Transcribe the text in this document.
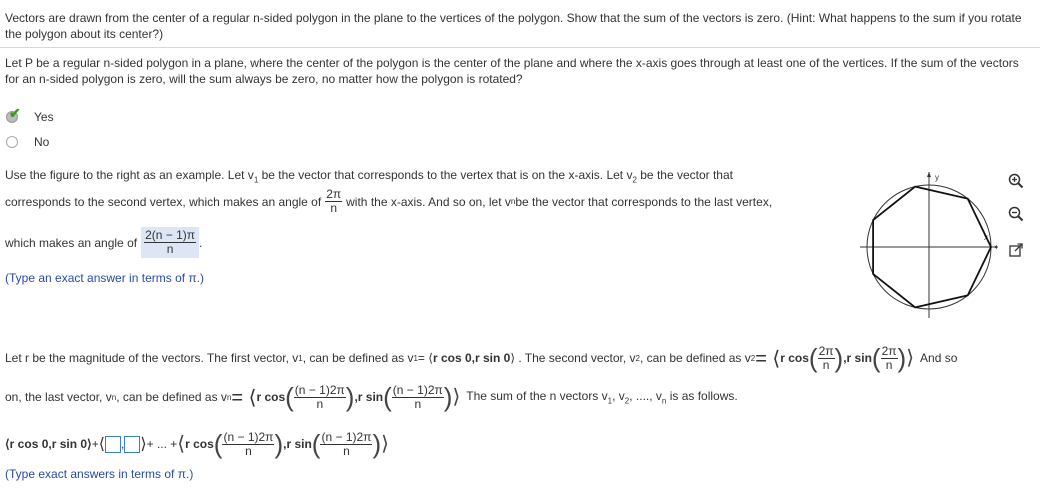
Vectors are drawn from the center of a regular n-sided polygon in the plane to the vertices of the polygon. Show that the sum of the vectors is zero. (Hint: What happens to the sum if you rotate the polygon about its center?)
Let P be a regular n-sided polygon in a plane, where the center of the polygon is the center of the plane and where the x-axis goes through at least one of the vertices. If the sum of the vectors for an n-sided polygon is zero, will the sum always be zero, no matter how the polygon is rotated?
✔ Yes
No
Use the figure to the right as an example. Let $v_1$ be the vector that corresponds to the vertex that is on the x-axis. Let $v_2$ be the vector that
corresponds to the second vertex, which makes an angle of $\frac{2\pi}{n}$ with the x-axis. And so on, let v n be the vector that corresponds to the last vertex,
which makes an angle of $\frac{2(n - 1)\pi}{n}$ .
(Type an exact answer in terms of π.)
y
x
Let r be the magnitude of the vectors. The first vector, v 1 , can be defined as v 1 = ⟨ r cos 0,r sin 0 ⟩ . The second vector, v 2 , can be defined as v 2 = ⟨ r cos ( $\frac{2\pi}{n}$ ) ,r sin ( $\frac{2\pi}{n}$ ) ⟩ And so
on, the last vector, v n , can be defined as v n = ⟨ r cos ( $\frac{(n - 1)2\pi}{n}$ ) ,r sin ( $\frac{(n - 1)2\pi}{n}$ ) ⟩ The sum of the n vectors $v_1$, $v_2$, ...., $v_n$ is as follows.
⟨r cos 0,r sin 0⟩ + ⟨ , ⟩ + ... + ⟨ r cos ( $\frac{(n - 1)2\pi}{n}$ ) ,r sin ( $\frac{(n - 1)2\pi}{n}$ ) ⟩
(Type exact answers in terms of π.)
